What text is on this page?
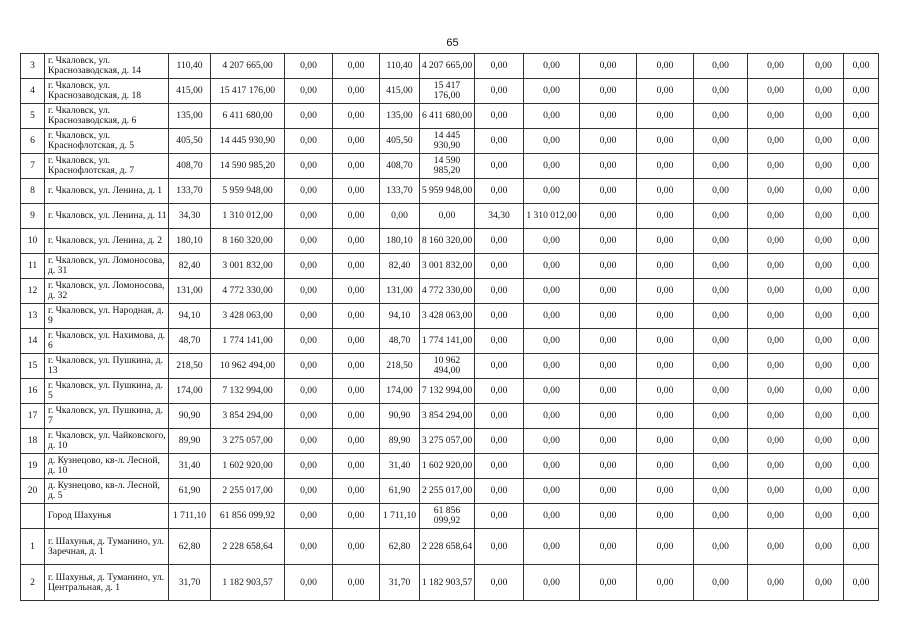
65
3	г. Чкаловск, ул. Краснозаводская, д. 14	110,40	4 207 665,00	0,00	0,00	110,40	4 207 665,00	0,00	0,00	0,00	0,00	0,00	0,00	0,00	0,00
4	г. Чкаловск, ул. Краснозаводская, д. 18	415,00	15 417 176,00	0,00	0,00	415,00	15 417 176,00	0,00	0,00	0,00	0,00	0,00	0,00	0,00	0,00
5	г. Чкаловск, ул. Краснозаводская, д. 6	135,00	6 411 680,00	0,00	0,00	135,00	6 411 680,00	0,00	0,00	0,00	0,00	0,00	0,00	0,00	0,00
6	г. Чкаловск, ул. Краснофлотская, д. 5	405,50	14 445 930,90	0,00	0,00	405,50	14 445 930,90	0,00	0,00	0,00	0,00	0,00	0,00	0,00	0,00
7	г. Чкаловск, ул. Краснофлотская, д. 7	408,70	14 590 985,20	0,00	0,00	408,70	14 590 985,20	0,00	0,00	0,00	0,00	0,00	0,00	0,00	0,00
8	г. Чкаловск, ул. Ленина, д. 1	133,70	5 959 948,00	0,00	0,00	133,70	5 959 948,00	0,00	0,00	0,00	0,00	0,00	0,00	0,00	0,00
9	г. Чкаловск, ул. Ленина, д. 11	34,30	1 310 012,00	0,00	0,00	0,00	0,00	34,30	1 310 012,00	0,00	0,00	0,00	0,00	0,00	0,00
10	г. Чкаловск, ул. Ленина, д. 2	180,10	8 160 320,00	0,00	0,00	180,10	8 160 320,00	0,00	0,00	0,00	0,00	0,00	0,00	0,00	0,00
11	г. Чкаловск, ул. Ломоносова, д. 31	82,40	3 001 832,00	0,00	0,00	82,40	3 001 832,00	0,00	0,00	0,00	0,00	0,00	0,00	0,00	0,00
12	г. Чкаловск, ул. Ломоносова, д. 32	131,00	4 772 330,00	0,00	0,00	131,00	4 772 330,00	0,00	0,00	0,00	0,00	0,00	0,00	0,00	0,00
13	г. Чкаловск, ул. Народная, д. 9	94,10	3 428 063,00	0,00	0,00	94,10	3 428 063,00	0,00	0,00	0,00	0,00	0,00	0,00	0,00	0,00
14	г. Чкаловск, ул. Нахимова, д. 6	48,70	1 774 141,00	0,00	0,00	48,70	1 774 141,00	0,00	0,00	0,00	0,00	0,00	0,00	0,00	0,00
15	г. Чкаловск, ул. Пушкина, д. 13	218,50	10 962 494,00	0,00	0,00	218,50	10 962 494,00	0,00	0,00	0,00	0,00	0,00	0,00	0,00	0,00
16	г. Чкаловск, ул. Пушкина, д. 5	174,00	7 132 994,00	0,00	0,00	174,00	7 132 994,00	0,00	0,00	0,00	0,00	0,00	0,00	0,00	0,00
17	г. Чкаловск, ул. Пушкина, д. 7	90,90	3 854 294,00	0,00	0,00	90,90	3 854 294,00	0,00	0,00	0,00	0,00	0,00	0,00	0,00	0,00
18	г. Чкаловск, ул. Чайковского, д. 10	89,90	3 275 057,00	0,00	0,00	89,90	3 275 057,00	0,00	0,00	0,00	0,00	0,00	0,00	0,00	0,00
19	д. Кузнецово, кв-л. Лесной, д. 10	31,40	1 602 920,00	0,00	0,00	31,40	1 602 920,00	0,00	0,00	0,00	0,00	0,00	0,00	0,00	0,00
20	д. Кузнецово, кв-л. Лесной, д. 5	61,90	2 255 017,00	0,00	0,00	61,90	2 255 017,00	0,00	0,00	0,00	0,00	0,00	0,00	0,00	0,00
	Город Шахунья	1 711,10	61 856 099,92	0,00	0,00	1 711,10	61 856 099,92	0,00	0,00	0,00	0,00	0,00	0,00	0,00	0,00
1	г. Шахунья, д. Туманино, ул. Заречная, д. 1	62,80	2 228 658,64	0,00	0,00	62,80	2 228 658,64	0,00	0,00	0,00	0,00	0,00	0,00	0,00	0,00
2	г. Шахунья, д. Туманино, ул. Центральная, д. 1	31,70	1 182 903,57	0,00	0,00	31,70	1 182 903,57	0,00	0,00	0,00	0,00	0,00	0,00	0,00	0,00
